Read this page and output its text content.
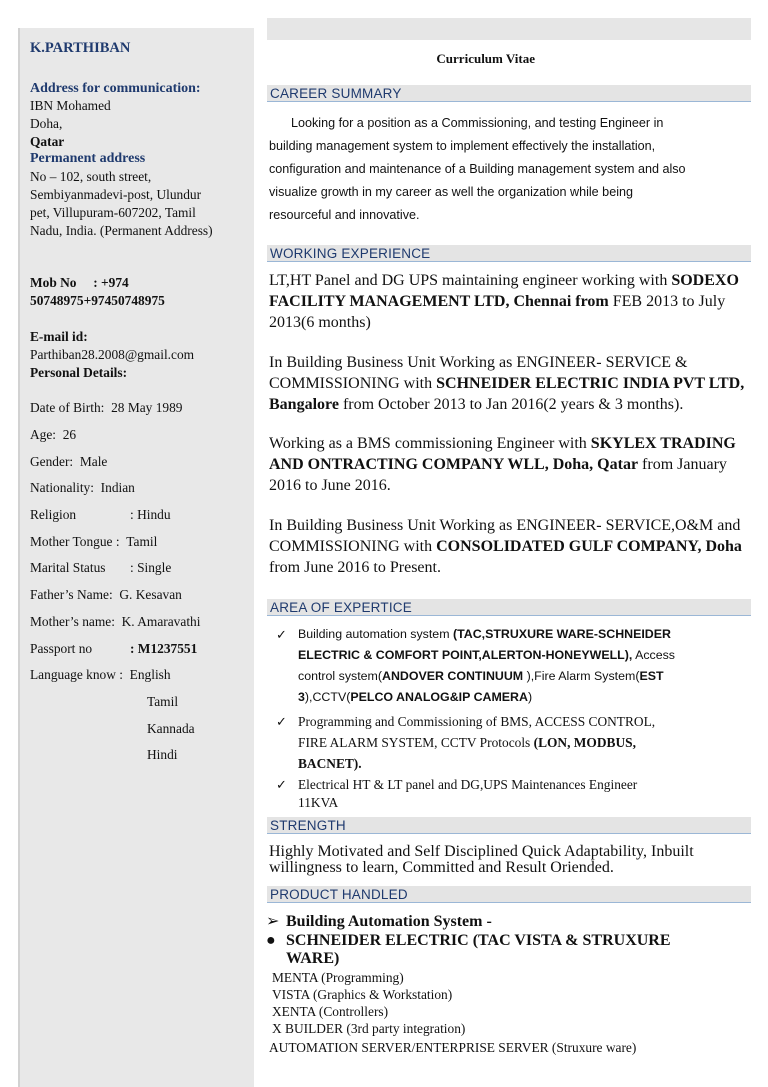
K.PARTHIBAN
Address for communication:
IBN Mohamed
Doha,
Qatar
Permanent address
No – 102, south street,
Sembiyanmadevi-post, Ulundur
pet, Villupuram-607202, Tamil
Nadu, India. (Permanent Address)
Mob No : +974
50748975+97450748975
E-mail id:
Parthiban28.2008@gmail.com
Personal Details:
Date of Birth: 28 May 1989
Age: 26
Gender: Male
Nationality: Indian
Religion	: Hindu
Mother Tongue : Tamil
Marital Status : Single
Father’s Name: G. Kesavan
Mother’s name: K. Amaravathi
Passport no	: M1237551
Language know : English
Tamil
Kannada
Hindi
Curriculum Vitae
CAREER SUMMARY
Looking for a position as a Commissioning, and testing Engineer in
building management system to implement effectively the installation,
configuration and maintenance of a Building management system and also
visualize growth in my career as well the organization while being
resourceful and innovative.
WORKING EXPERIENCE
LT,HT Panel and DG UPS maintaining engineer working with SODEXO
FACILITY MANAGEMENT LTD, Chennai from FEB 2013 to July
2013(6 months)
In Building Business Unit Working as ENGINEER- SERVICE &
COMMISSIONING with SCHNEIDER ELECTRIC INDIA PVT LTD,
Bangalore from October 2013 to Jan 2016(2 years & 3 months).
Working as a BMS commissioning Engineer with SKYLEX TRADING
AND ONTRACTING COMPANY WLL, Doha, Qatar from January
2016 to June 2016.
In Building Business Unit Working as ENGINEER- SERVICE,O&M and
COMMISSIONING with CONSOLIDATED GULF COMPANY, Doha
from June 2016 to Present.
AREA OF EXPERTICE
✓ Building automation system (TAC,STRUXURE WARE-SCHNEIDER
ELECTRIC & COMFORT POINT,ALERTON-HONEYWELL), Access
control system(ANDOVER CONTINUUM ),Fire Alarm System(EST
3),CCTV(PELCO ANALOG&IP CAMERA)
✓ Programming and Commissioning of BMS, ACCESS CONTROL,
FIRE ALARM SYSTEM, CCTV Protocols (LON, MODBUS,
BACNET).
✓ Electrical HT & LT panel and DG,UPS Maintenances Engineer
11KVA
STRENGTH
Highly Motivated and Self Disciplined Quick Adaptability, Inbuilt
willingness to learn, Committed and Result Oriended.
PRODUCT HANDLED
➢ Building Automation System -
● SCHNEIDER ELECTRIC (TAC VISTA & STRUXURE
WARE)
MENTA (Programming)
VISTA (Graphics & Workstation)
XENTA (Controllers)
X BUILDER (3rd party integration)
AUTOMATION SERVER/ENTERPRISE SERVER (Struxure ware)
